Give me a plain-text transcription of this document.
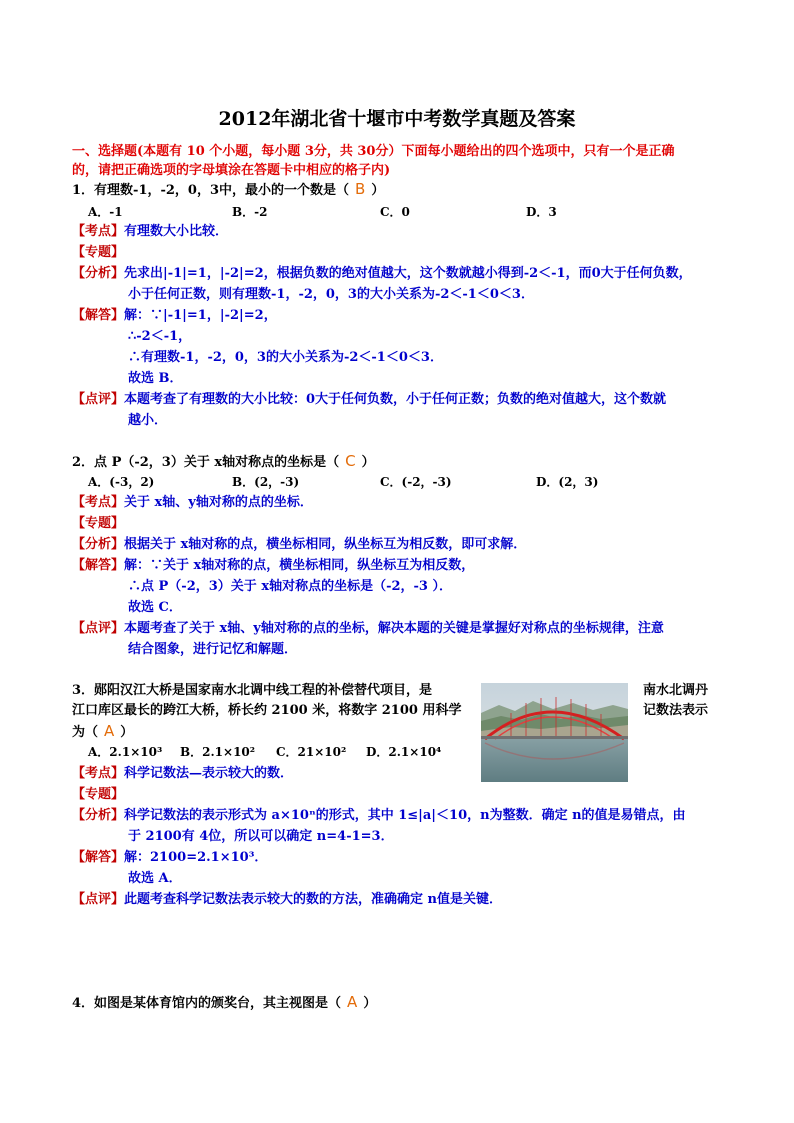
2012年湖北省十堰市中考数学真题及答案
一、选择题(本题有 10 个小题，每小题 3分，共 30分）下面每小题给出的四个选项中，只有一个是正确
的，请把正确选项的字母填涂在答题卡中相应的格子内)
1．有理数-1，-2，0，3中，最小的一个数是（ B ）
A．-1	B．-2	C．0	D．3
【考点】有理数大小比较．
【专题】
【分析】先求出|-1|=1，|-2|=2，根据负数的绝对值越大，这个数就越小得到-2＜-1，而0大于任何负数，
小于任何正数，则有理数-1，-2，0，3的大小关系为-2＜-1＜0＜3．
【解答】解：∵|-1|=1，|-2|=2，
∴-2＜-1，
∴有理数-1，-2，0，3的大小关系为-2＜-1＜0＜3．
故选 B．
【点评】本题考查了有理数的大小比较：0大于任何负数，小于任何正数；负数的绝对值越大，这个数就
越小．
2．点 P（-2，3）关于 x轴对称点的坐标是（ C ）
A．(-3，2)	B．(2，-3)	C．(-2，-3)	D．(2，3)
【考点】关于 x轴、y轴对称的点的坐标．
【专题】
【分析】根据关于 x轴对称的点，横坐标相同，纵坐标互为相反数，即可求解．
【解答】解：∵关于 x轴对称的点，横坐标相同，纵坐标互为相反数，
∴点 P（-2，3）关于 x轴对称点的坐标是（-2，-3 ）．
故选 C．
【点评】本题考查了关于 x轴、y轴对称的点的坐标，解决本题的关键是掌握好对称点的坐标规律，注意
结合图象，进行记忆和解题．
3．郧阳汉江大桥是国家南水北调中线工程的补偿替代项目，是	南水北调丹
江口库区最长的跨江大桥，桥长约 2100 米，将数字 2100 用科学	记数法表示
为（ A ）
A．2.1×10³ B．2.1×10² C．21×10² D．2.1×10⁴
【考点】科学记数法—表示较大的数．
【专题】
【分析】科学记数法的表示形式为 a×10ⁿ的形式，其中 1≤|a|＜10，n为整数．确定 n的值是易错点，由
于 2100有 4位，所以可以确定 n=4-1=3．
【解答】解：2100=2.1×10³．
故选 A．
【点评】此题考查科学记数法表示较大的数的方法，准确确定 n值是关键．
4．如图是某体育馆内的颁奖台，其主视图是（ A ）
